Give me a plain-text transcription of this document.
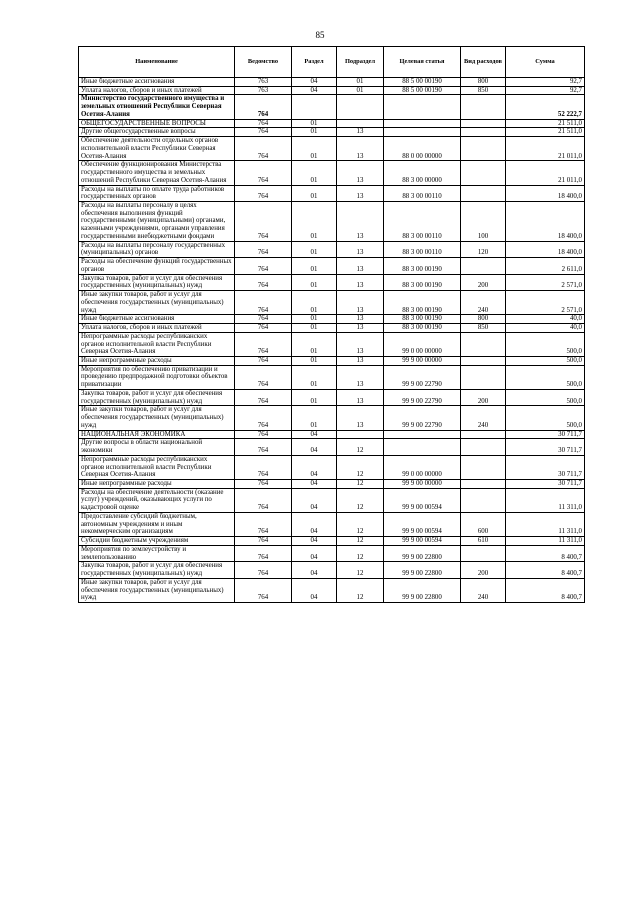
85
Наименование	Ведомство	Раздел	Подраздел	Целевая статья	Вид расходов	Сумма
Иные бюджетные ассигнования	763	04	01	88 5 00 00190	800	92,7
Уплата налогов, сборов и иных платежей	763	04	01	88 5 00 00190	850	92,7
Министерство государственного имущества и земельных отношений Республики Северная Осетия-Алания	764					52 222,7
ОБЩЕГОСУДАРСТВЕННЫЕ ВОПРОСЫ	764	01				21 511,0
Другие общегосударственные вопросы	764	01	13			21 511,0
Обеспечение деятельности отдельных органов исполнительной власти Республики Северная Осетия-Алания	764	01	13	88 0 00 00000		21 011,0
Обеспечение функционирования Министерства государственного имущества и земельных отношений Республики Северная Осетия-Алания	764	01	13	88 3 00 00000		21 011,0
Расходы на выплаты по оплате труда работников государственных органов	764	01	13	88 3 00 00110		18 400,0
Расходы на выплаты персоналу в целях обеспечения выполнения функций государственными (муниципальными) органами, казенными учреждениями, органами управления государственными внебюджетными фондами	764	01	13	88 3 00 00110	100	18 400,0
Расходы на выплаты персоналу государственных (муниципальных) органов	764	01	13	88 3 00 00110	120	18 400,0
Расходы на обеспечение функций государственных органов	764	01	13	88 3 00 00190		2 611,0
Закупка товаров, работ и услуг для обеспечения государственных (муниципальных) нужд	764	01	13	88 3 00 00190	200	2 571,0
Иные закупки товаров, работ и услуг для обеспечения государственных (муниципальных) нужд	764	01	13	88 3 00 00190	240	2 571,0
Иные бюджетные ассигнования	764	01	13	88 3 00 00190	800	40,0
Уплата налогов, сборов и иных платежей	764	01	13	88 3 00 00190	850	40,0
Непрограммные расходы республиканских органов исполнительной власти Республики Северная Осетия-Алания	764	01	13	99 0 00 00000		500,0
Иные непрограммные расходы	764	01	13	99 9 00 00000		500,0
Мероприятия по обеспечению приватизации и проведению предпродажной подготовки объектов приватизации	764	01	13	99 9 00 22790		500,0
Закупка товаров, работ и услуг для обеспечения государственных (муниципальных) нужд	764	01	13	99 9 00 22790	200	500,0
Иные закупки товаров, работ и услуг для обеспечения государственных (муниципальных) нужд	764	01	13	99 9 00 22790	240	500,0
НАЦИОНАЛЬНАЯ ЭКОНОМИКА	764	04				30 711,7
Другие вопросы в области национальной экономики	764	04	12			30 711,7
Непрограммные расходы республиканских органов исполнительной власти Республики Северная Осетия-Алания	764	04	12	99 0 00 00000		30 711,7
Иные непрограммные расходы	764	04	12	99 9 00 00000		30 711,7
Расходы на обеспечение деятельности (оказание услуг) учреждений, оказывающих услуги по кадастровой оценке	764	04	12	99 9 00 00594		11 311,0
Предоставление субсидий бюджетным, автономным учреждениям и иным некоммерческим организациям	764	04	12	99 9 00 00594	600	11 311,0
Субсидии бюджетным учреждениям	764	04	12	99 9 00 00594	610	11 311,0
Мероприятия по землеустройству и землепользованию	764	04	12	99 9 00 22800		8 400,7
Закупка товаров, работ и услуг для обеспечения государственных (муниципальных) нужд	764	04	12	99 9 00 22800	200	8 400,7
Иные закупки товаров, работ и услуг для обеспечения государственных (муниципальных) нужд	764	04	12	99 9 00 22800	240	8 400,7
